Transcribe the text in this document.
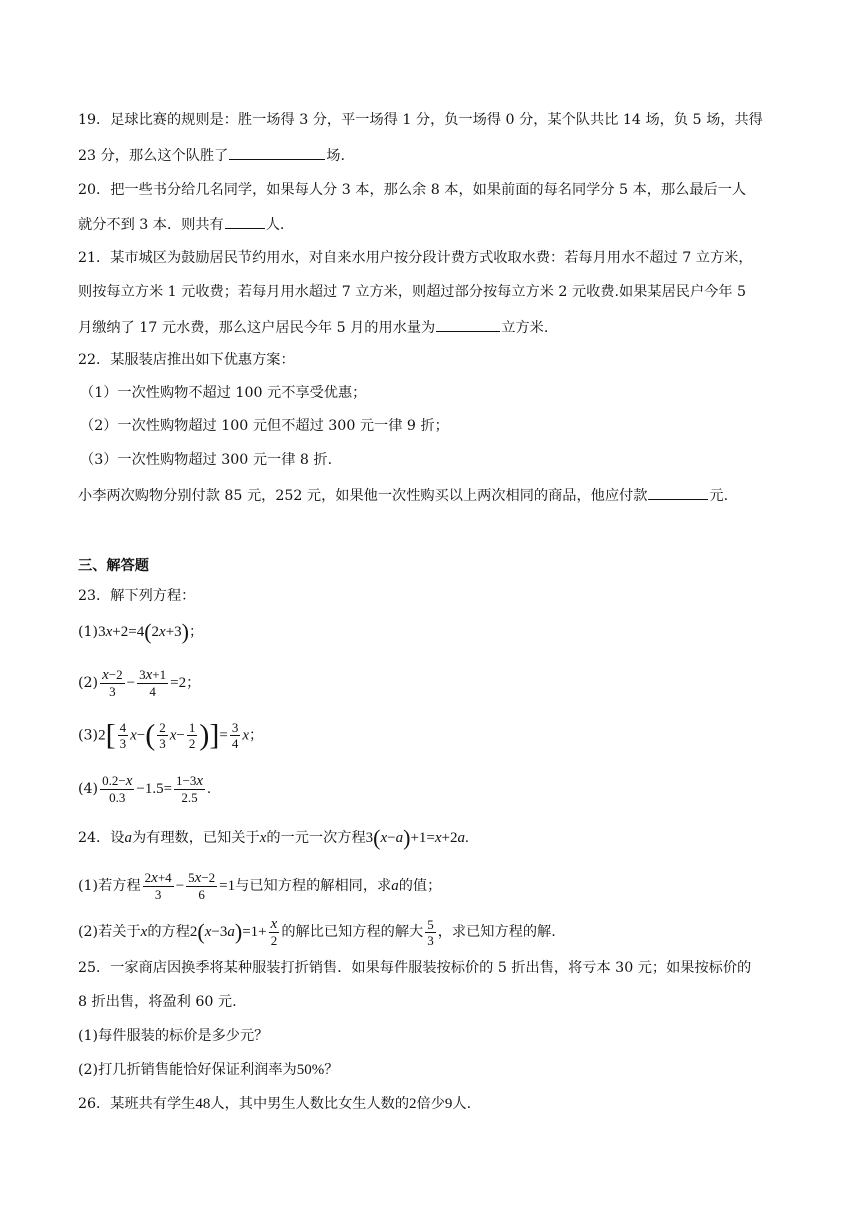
19．足球比赛的规则是：胜一场得 3 分，平一场得 1 分，负一场得 0 分，某个队共比 14 场，负 5 场，共得
23 分，那么这个队胜了	场.
20．把一些书分给几名同学，如果每人分 3 本，那么余 8 本，如果前面的每名同学分 5 本，那么最后一人
就分不到 3 本．则共有	人.
21．某市城区为鼓励居民节约用水，对自来水用户按分段计费方式收取水费：若每月用水不超过 7 立方米，
则按每立方米 1 元收费；若每月用水超过 7 立方米，则超过部分按每立方米 2 元收费.如果某居民户今年 5
月缴纳了 17 元水费，那么这户居民今年 5 月的用水量为	立方米.
22．某服装店推出如下优惠方案：
（1）一次性购物不超过 100 元不享受优惠；
（2）一次性购物超过 100 元但不超过 300 元一律 9 折；
（3）一次性购物超过 300 元一律 8 折.
小李两次购物分别付款 85 元，252 元，如果他一次性购买以上两次相同的商品，他应付款	元.
三、解答题
23．解下列方程：
(1)3x+2=4(2x+3)；
$(2) \frac{x-2}{3} - \frac{3x+1}{4} =2$；
$(3)2[ \frac{4}{3} x-( \frac{2}{3} x- \frac{1}{2}$ )]= $\frac{3}{4}$ x；
$(4) \frac{0.2-x}{0.3} -1.5= \frac{1-3x}{2.5}$ .
24．设a为有理数，已知关于x的一元一次方程3(x−a)+1=x+2a.
(1)若方程 $\frac{2x+4}{3} - \frac{5x-2}{6} =1$与已知方程的解相同，求a的值；
(2)若关于x的方程$2(x-3a)=1+ \frac{x}{2}$ 的解比已知方程的解大 $\frac{5}{3}$ ，求已知方程的解.
25．一家商店因换季将某种服装打折销售．如果每件服装按标价的 5 折出售，将亏本 30 元；如果按标价的
8 折出售，将盈利 60 元.
(1)每件服装的标价是多少元？
(2)打几折销售能恰好保证利润率为50%？
26．某班共有学生48人，其中男生人数比女生人数的2倍少9人.
